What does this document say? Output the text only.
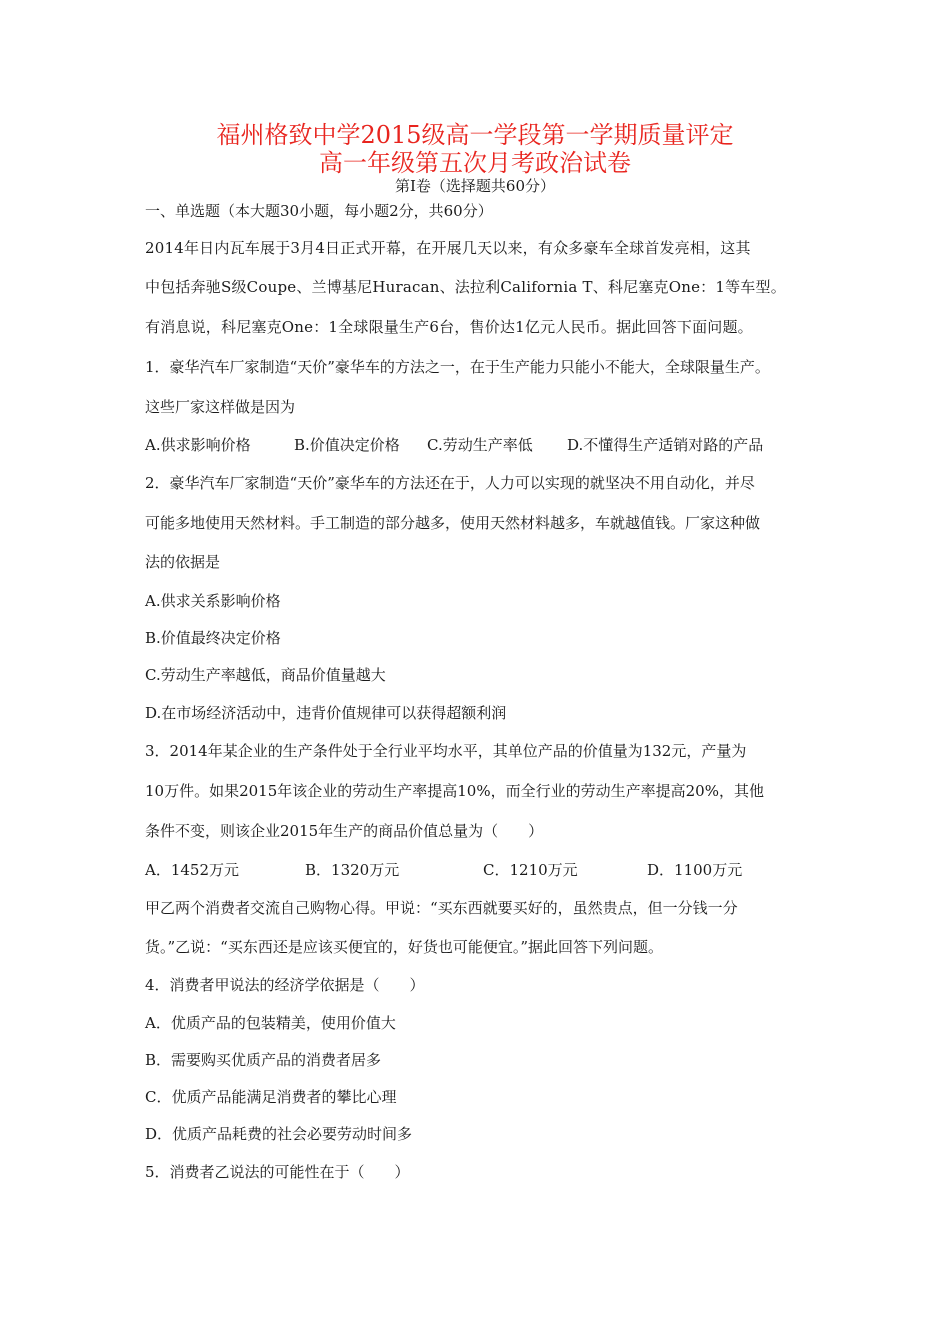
福州格致中学2015级高一学段第一学期质量评定
高一年级第五次月考政治试卷
第Ⅰ卷（选择题共60分）
一、单选题（本大题30小题，每小题2分，共60分）
2014年日内瓦车展于3月4日正式开幕，在开展几天以来，有众多豪车全球首发亮相，这其
中包括奔驰S级Coupe、兰博基尼Huracan、法拉利California T、科尼塞克One：1等车型。
有消息说，科尼塞克One：1全球限量生产6台，售价达1亿元人民币。据此回答下面问题。
1．豪华汽车厂家制造“天价”豪华车的方法之一，在于生产能力只能小不能大，全球限量生产。
这些厂家这样做是因为
A.供求影响价格	B.价值决定价格 C.劳动生产率低 D.不懂得生产适销对路的产品
2．豪华汽车厂家制造“天价”豪华车的方法还在于，人力可以实现的就坚决不用自动化，并尽
可能多地使用天然材料。手工制造的部分越多，使用天然材料越多，车就越值钱。厂家这种做
法的依据是
A.供求关系影响价格
B.价值最终决定价格
C.劳动生产率越低，商品价值量越大
D.在市场经济活动中，违背价值规律可以获得超额利润
3．2014年某企业的生产条件处于全行业平均水平，其单位产品的价值量为132元，产量为
10万件。如果2015年该企业的劳动生产率提高10%，而全行业的劳动生产率提高20%，其他
条件不变，则该企业2015年生产的商品价值总量为（　　）
A．1452万元	B．1320万元	C．1210万元	D．1100万元
甲乙两个消费者交流自己购物心得。甲说：“买东西就要买好的，虽然贵点，但一分钱一分
货。”乙说：“买东西还是应该买便宜的，好货也可能便宜。”据此回答下列问题。
4．消费者甲说法的经济学依据是（　　）
A．优质产品的包装精美，使用价值大
B．需要购买优质产品的消费者居多
C．优质产品能满足消费者的攀比心理
D．优质产品耗费的社会必要劳动时间多
5．消费者乙说法的可能性在于（　　）
